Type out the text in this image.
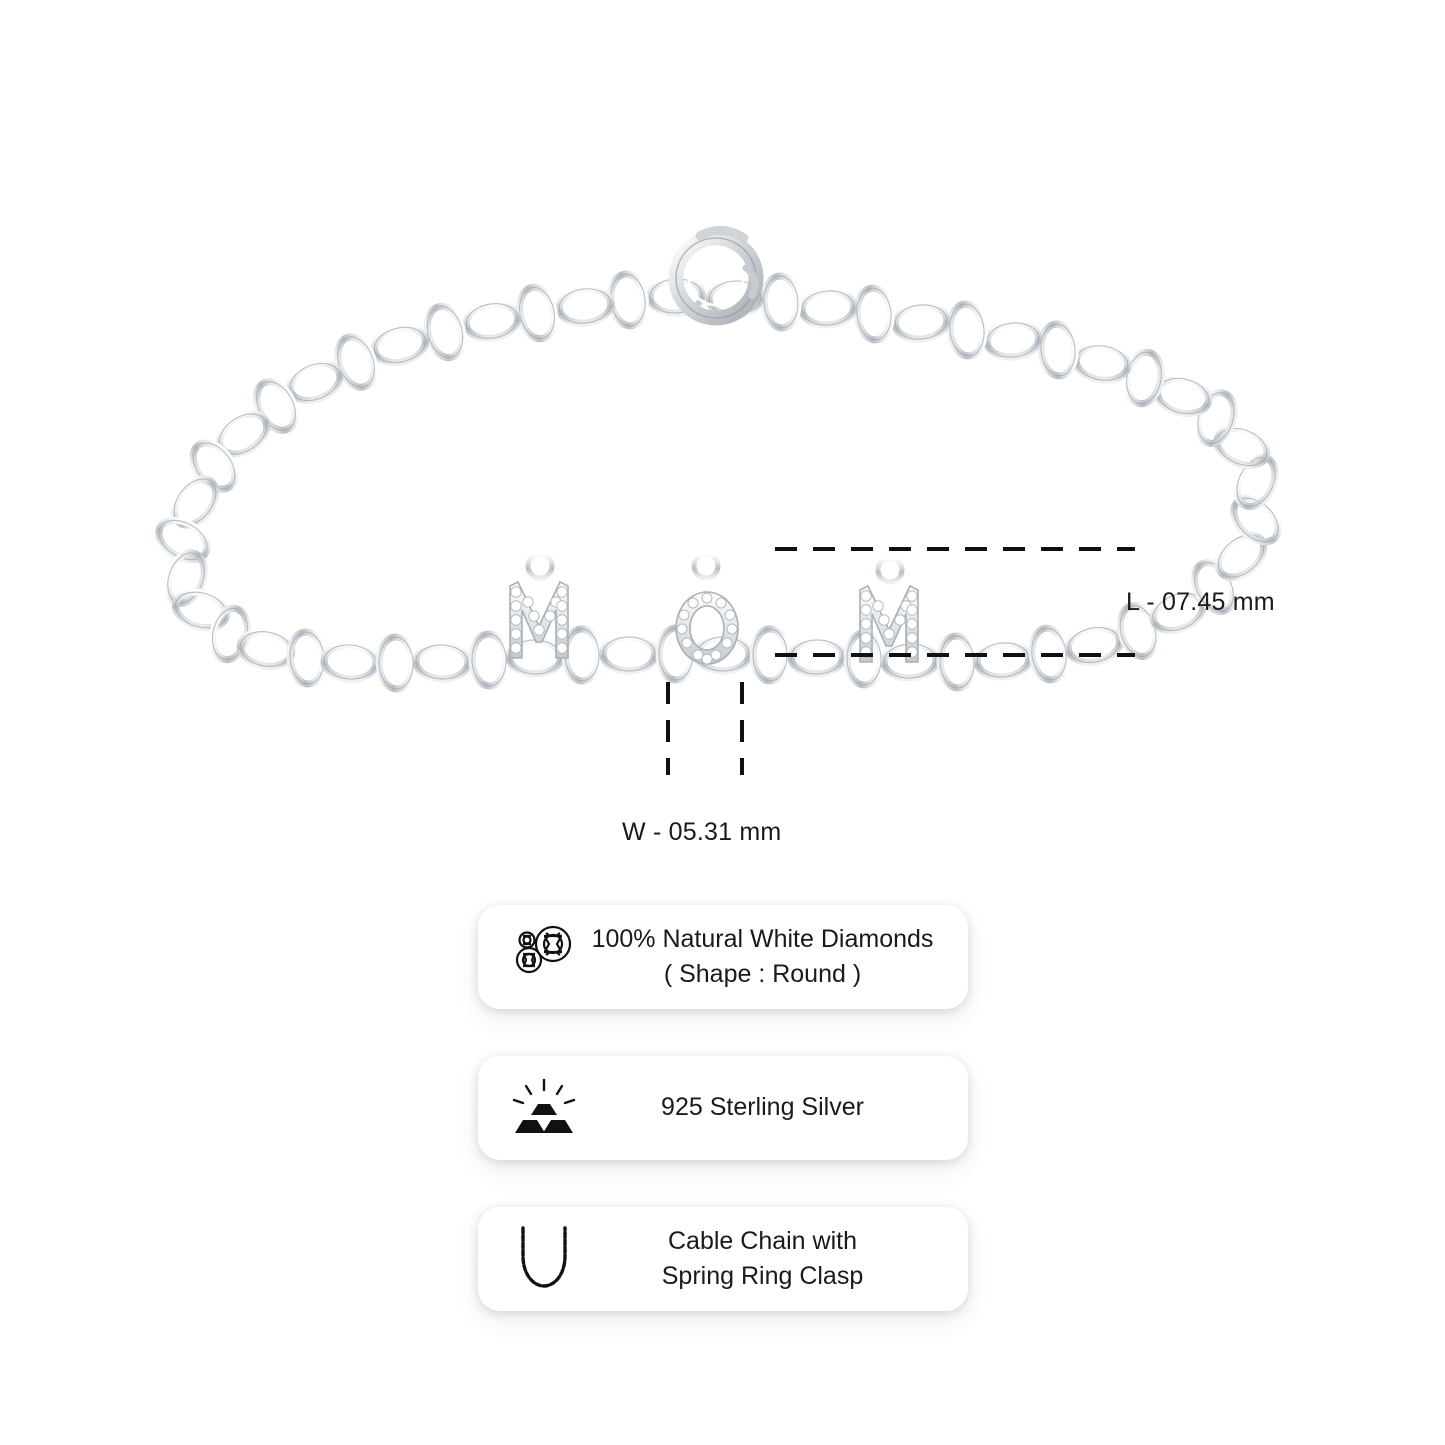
L - 07.45 mm
W - 05.31 mm
100% Natural White Diamonds
( Shape : Round )
925 Sterling Silver
Cable Chain with
Spring Ring Clasp
